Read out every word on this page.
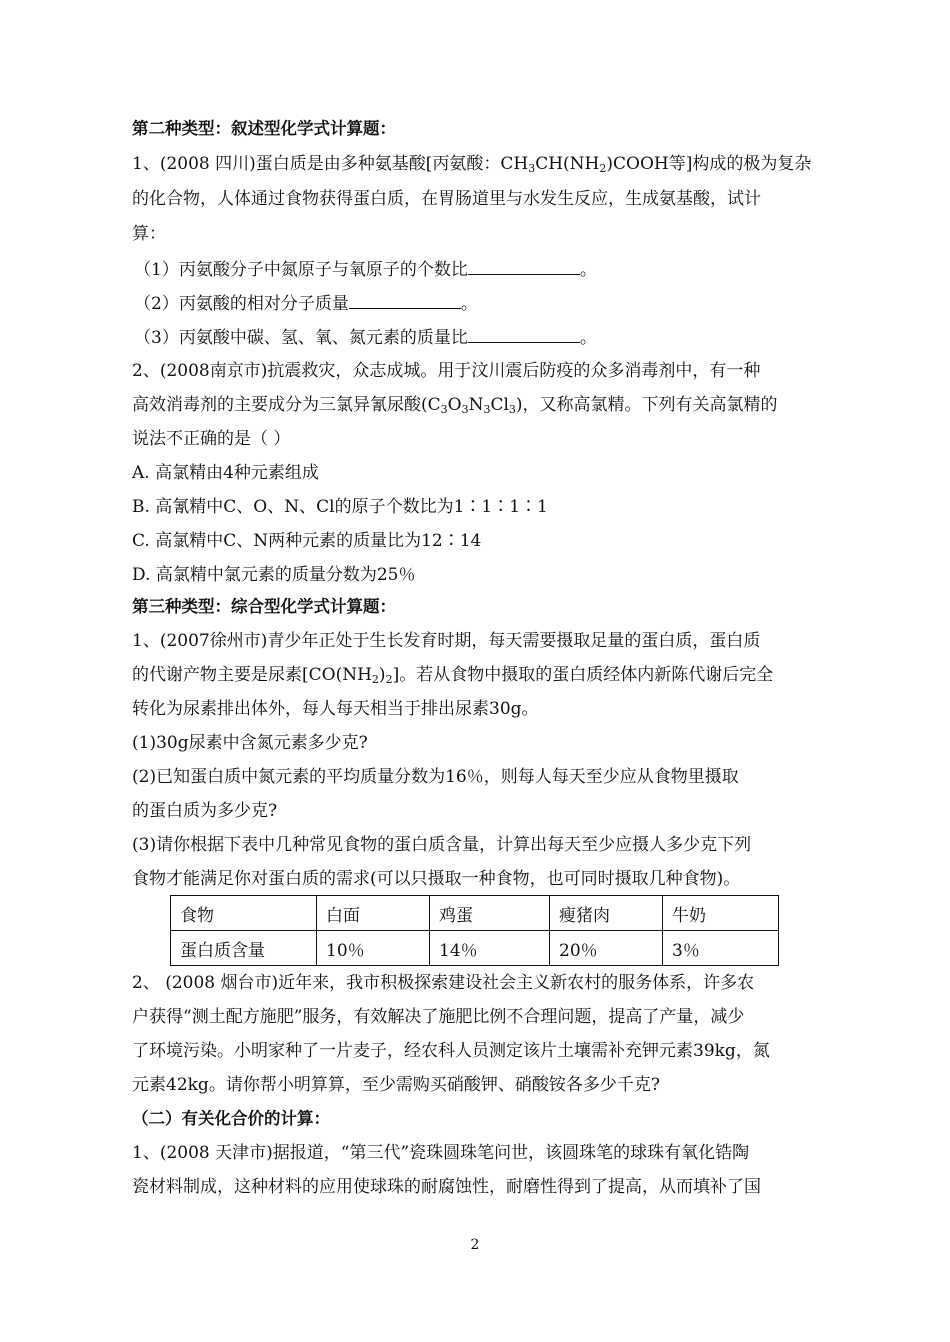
第二种类型：叙述型化学式计算题：
1、(2008 四川)蛋白质是由多种氨基酸[丙氨酸：$CH_3CH(NH_2)COOH$等]构成的极为复杂
的化合物，人体通过食物获得蛋白质，在胃肠道里与水发生反应，生成氨基酸，试计
算：
（1）丙氨酸分子中氮原子与氧原子的个数比	。
（2）丙氨酸的相对分子质量	。
（3）丙氨酸中碳、氢、氧、氮元素的质量比	。
2、(2008南京市)抗震救灾，众志成城。用于汶川震后防疫的众多消毒剂中，有一种
高效消毒剂的主要成分为三氯异氰尿酸$(C_3O_3N_3Cl_3)$，又称高氯精。下列有关高氯精的
说法不正确的是（ ）
A. 高氯精由4种元素组成
B. 高氰精中C、O、N、Cl的原子个数比为1∶1∶1∶1
C. 高氯精中C、N两种元素的质量比为12∶14
D. 高氯精中氯元素的质量分数为25％
第三种类型：综合型化学式计算题：
1、(2007徐州市)青少年正处于生长发育时期，每天需要摄取足量的蛋白质，蛋白质
的代谢产物主要是尿素$[CO(NH_2)_2]$。若从食物中摄取的蛋白质经体内新陈代谢后完全
转化为尿素排出体外，每人每天相当于排出尿素30g。
(1)30g尿素中含氮元素多少克?
(2)已知蛋白质中氮元素的平均质量分数为16％，则每人每天至少应从食物里摄取
的蛋白质为多少克?
(3)请你根据下表中几种常见食物的蛋白质含量，计算出每天至少应摄人多少克下列
食物才能满足你对蛋白质的需求(可以只摄取一种食物，也可同时摄取几种食物)。
食物	白面	鸡蛋	瘦猪肉	牛奶
蛋白质含量	10％	14％	20％	3％
2、 (2008 烟台市)近年来，我市积极探索建设社会主义新农村的服务体系，许多农
户获得“测土配方施肥”服务，有效解决了施肥比例不合理问题，提高了产量，减少
了环境污染。小明家种了一片麦子，经农科人员测定该片土壤需补充钾元素39kg，氮
元素42kg。请你帮小明算算，至少需购买硝酸钾、硝酸铵各多少千克?
（二）有关化合价的计算：
1、(2008 天津市)据报道，“第三代”瓷珠圆珠笔问世，该圆珠笔的球珠有氧化锆陶
瓷材料制成，这种材料的应用使球珠的耐腐蚀性，耐磨性得到了提高，从而填补了国
2
